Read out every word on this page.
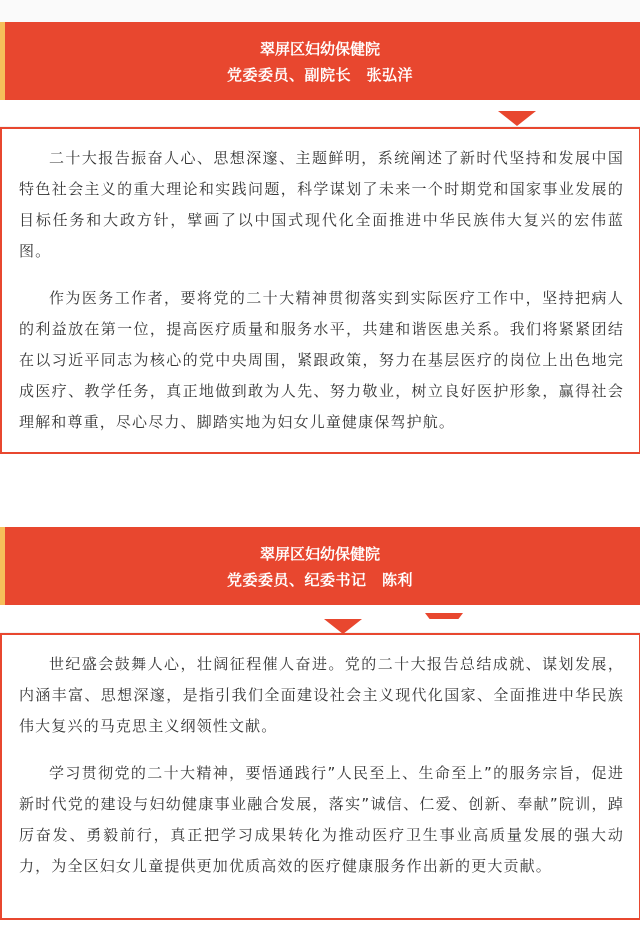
翠屏区妇幼保健院
党委委员、副院长　张弘洋

二十大报告振奋人心、思想深邃、主题鲜明，系统阐述了新时代坚持和发展中国特色社会主义的重大理论和实践问题，科学谋划了未来一个时期党和国家事业发展的目标任务和大政方针，擘画了以中国式现代化全面推进中华民族伟大复兴的宏伟蓝图。

作为医务工作者，要将党的二十大精神贯彻落实到实际医疗工作中，坚持把病人的利益放在第一位，提高医疗质量和服务水平，共建和谐医患关系。我们将紧紧团结在以习近平同志为核心的党中央周围，紧跟政策，努力在基层医疗的岗位上出色地完成医疗、教学任务，真正地做到敢为人先、努力敬业，树立良好医护形象，赢得社会理解和尊重，尽心尽力、脚踏实地为妇女儿童健康保驾护航。

翠屏区妇幼保健院
党委委员、纪委书记　陈利

世纪盛会鼓舞人心，壮阔征程催人奋进。党的二十大报告总结成就、谋划发展，内涵丰富、思想深邃，是指引我们全面建设社会主义现代化国家、全面推进中华民族伟大复兴的马克思主义纲领性文献。

学习贯彻党的二十大精神，要悟通践行”人民至上、生命至上”的服务宗旨，促进新时代党的建设与妇幼健康事业融合发展，落实”诚信、仁爱、创新、奉献”院训，踔厉奋发、勇毅前行，真正把学习成果转化为推动医疗卫生事业高质量发展的强大动力，为全区妇女儿童提供更加优质高效的医疗健康服务作出新的更大贡献。
